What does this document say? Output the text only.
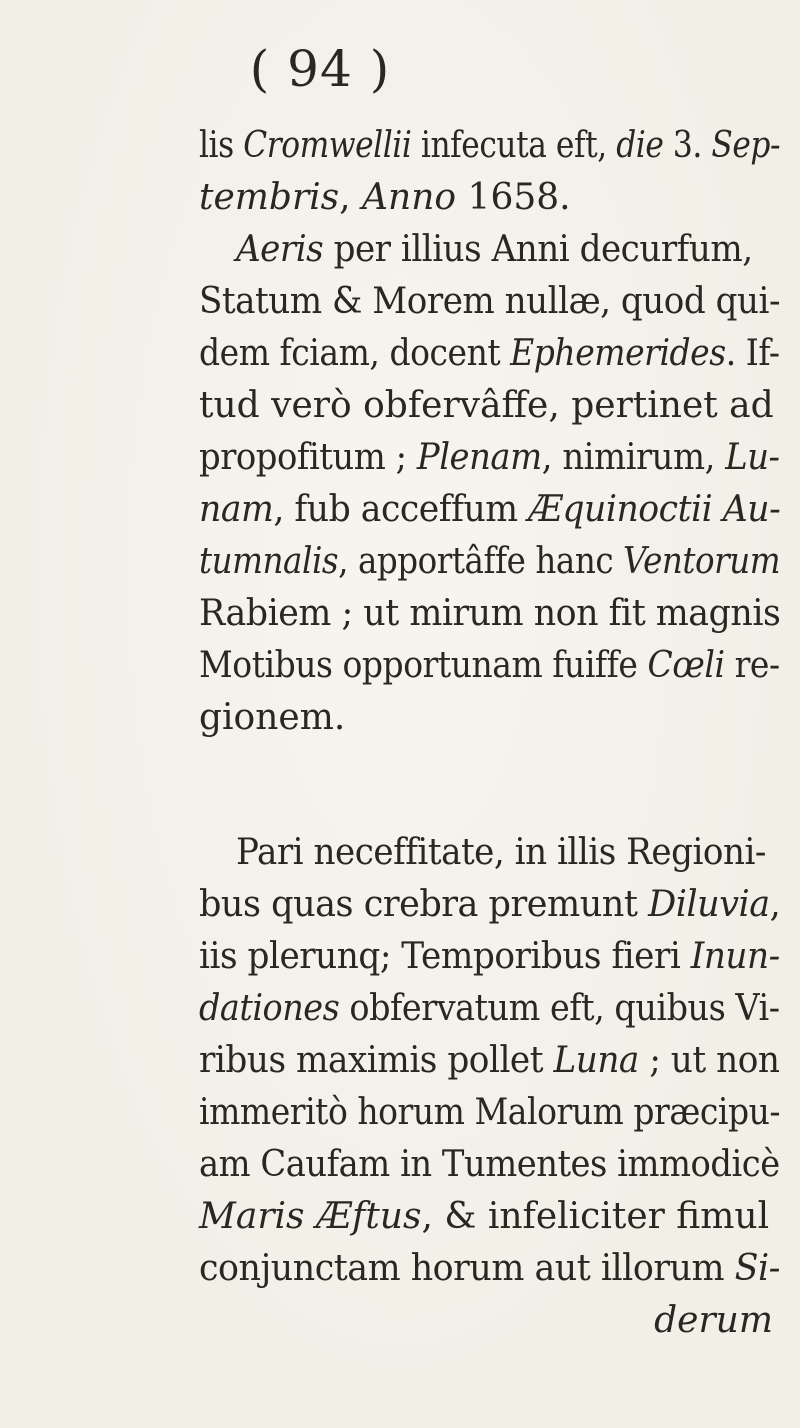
( 94 )
lis Cromwellii infecuta eft, die 3. Sep-
tembris, Anno 1658.
Aeris per illius Anni decurfum,
Statum & Morem nullæ, quod qui-
dem fciam, docent Ephemerides. If-
tud verò obfervâffe, pertinet ad
propofitum ; Plenam, nimirum, Lu-
nam, fub acceffum Æquinoctii Au-
tumnalis, apportâffe hanc Ventorum
Rabiem ; ut mirum non fit magnis
Motibus opportunam fuiffe Cœli re-
gionem.
Pari neceffitate, in illis Regioni-
bus quas crebra premunt Diluvia,
iis plerunq; Temporibus fieri Inun-
dationes obfervatum eft, quibus Vi-
ribus maximis pollet Luna ; ut non
immeritò horum Malorum præcipu-
am Caufam in Tumentes immodicè
Maris Æftus, & infeliciter fimul
conjunctam horum aut illorum Si-
derum
